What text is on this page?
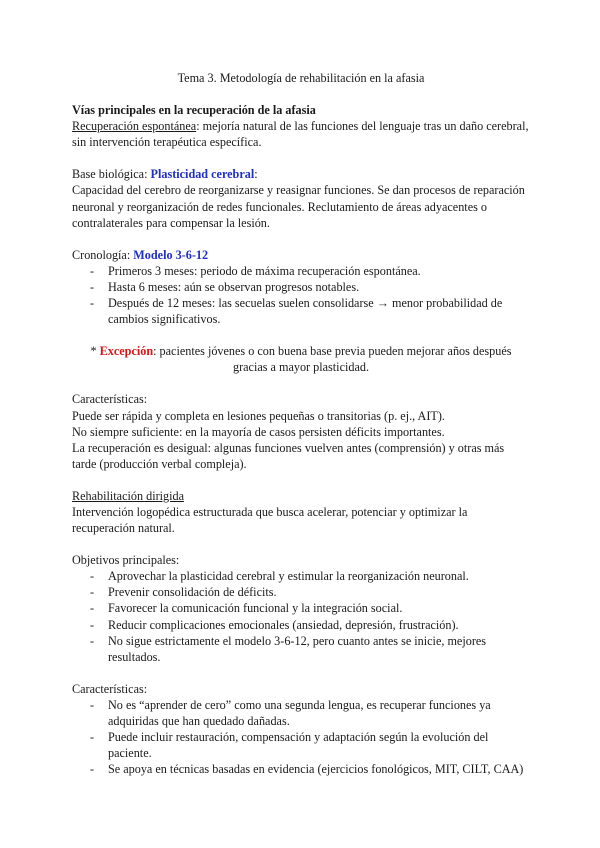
Tema 3. Metodología de rehabilitación en la afasia

Vías principales en la recuperación de la afasia

Recuperación espontánea: mejoría natural de las funciones del lenguaje tras un daño cerebral, sin intervención terapéutica específica.

Base biológica: Plasticidad cerebral:

Capacidad del cerebro de reorganizarse y reasignar funciones. Se dan procesos de reparación neuronal y reorganización de redes funcionales. Reclutamiento de áreas adyacentes o contralaterales para compensar la lesión.

Cronología: Modelo 3-6-12

- Primeros 3 meses: periodo de máxima recuperación espontánea.
- Hasta 6 meses: aún se observan progresos notables.
- Después de 12 meses: las secuelas suelen consolidarse → menor probabilidad de cambios significativos.

* Excepción: pacientes jóvenes o con buena base previa pueden mejorar años después

gracias a mayor plasticidad.

Características:

Puede ser rápida y completa en lesiones pequeñas o transitorias (p. ej., AIT).

No siempre suficiente: en la mayoría de casos persisten déficits importantes.

La recuperación es desigual: algunas funciones vuelven antes (comprensión) y otras más tarde (producción verbal compleja).

Rehabilitación dirigida

Intervención logopédica estructurada que busca acelerar, potenciar y optimizar la recuperación natural.

Objetivos principales:

- Aprovechar la plasticidad cerebral y estimular la reorganización neuronal.
- Prevenir consolidación de déficits.
- Favorecer la comunicación funcional y la integración social.
- Reducir complicaciones emocionales (ansiedad, depresión, frustración).
- No sigue estrictamente el modelo 3-6-12, pero cuanto antes se inicie, mejores resultados.

Características:

- No es “aprender de cero” como una segunda lengua, es recuperar funciones ya adquiridas que han quedado dañadas.
- Puede incluir restauración, compensación y adaptación según la evolución del paciente.
- Se apoya en técnicas basadas en evidencia (ejercicios fonológicos, MIT, CILT, CAA)
